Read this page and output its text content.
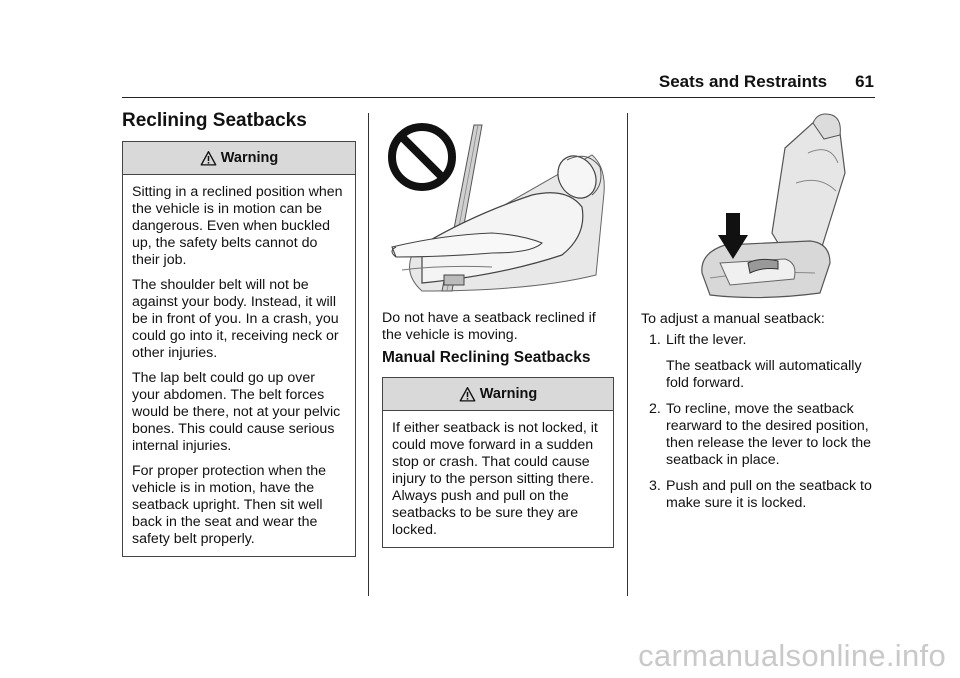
Seats and Restraints 61
Reclining Seatbacks
Warning

Sitting in a reclined position when the vehicle is in motion can be dangerous. Even when buckled up, the safety belts cannot do their job.

The shoulder belt will not be against your body. Instead, it will be in front of you. In a crash, you could go into it, receiving neck or other injuries.

The lap belt could go up over your abdomen. The belt forces would be there, not at your pelvic bones. This could cause serious internal injuries.

For proper protection when the vehicle is in motion, have the seatback upright. Then sit well back in the seat and wear the safety belt properly.

Do not have a seatback reclined if the vehicle is moving.

Manual Reclining Seatbacks
Warning

If either seatback is not locked, it could move forward in a sudden stop or crash. That could cause injury to the person sitting there. Always push and pull on the seatbacks to be sure they are locked.

To adjust a manual seatback:

1. Lift the lever.

The seatback will automatically fold forward.

2. To recline, move the seatback rearward to the desired position, then release the lever to lock the seatback in place.
3. Push and pull on the seatback to make sure it is locked.
carmanualsonline.info
